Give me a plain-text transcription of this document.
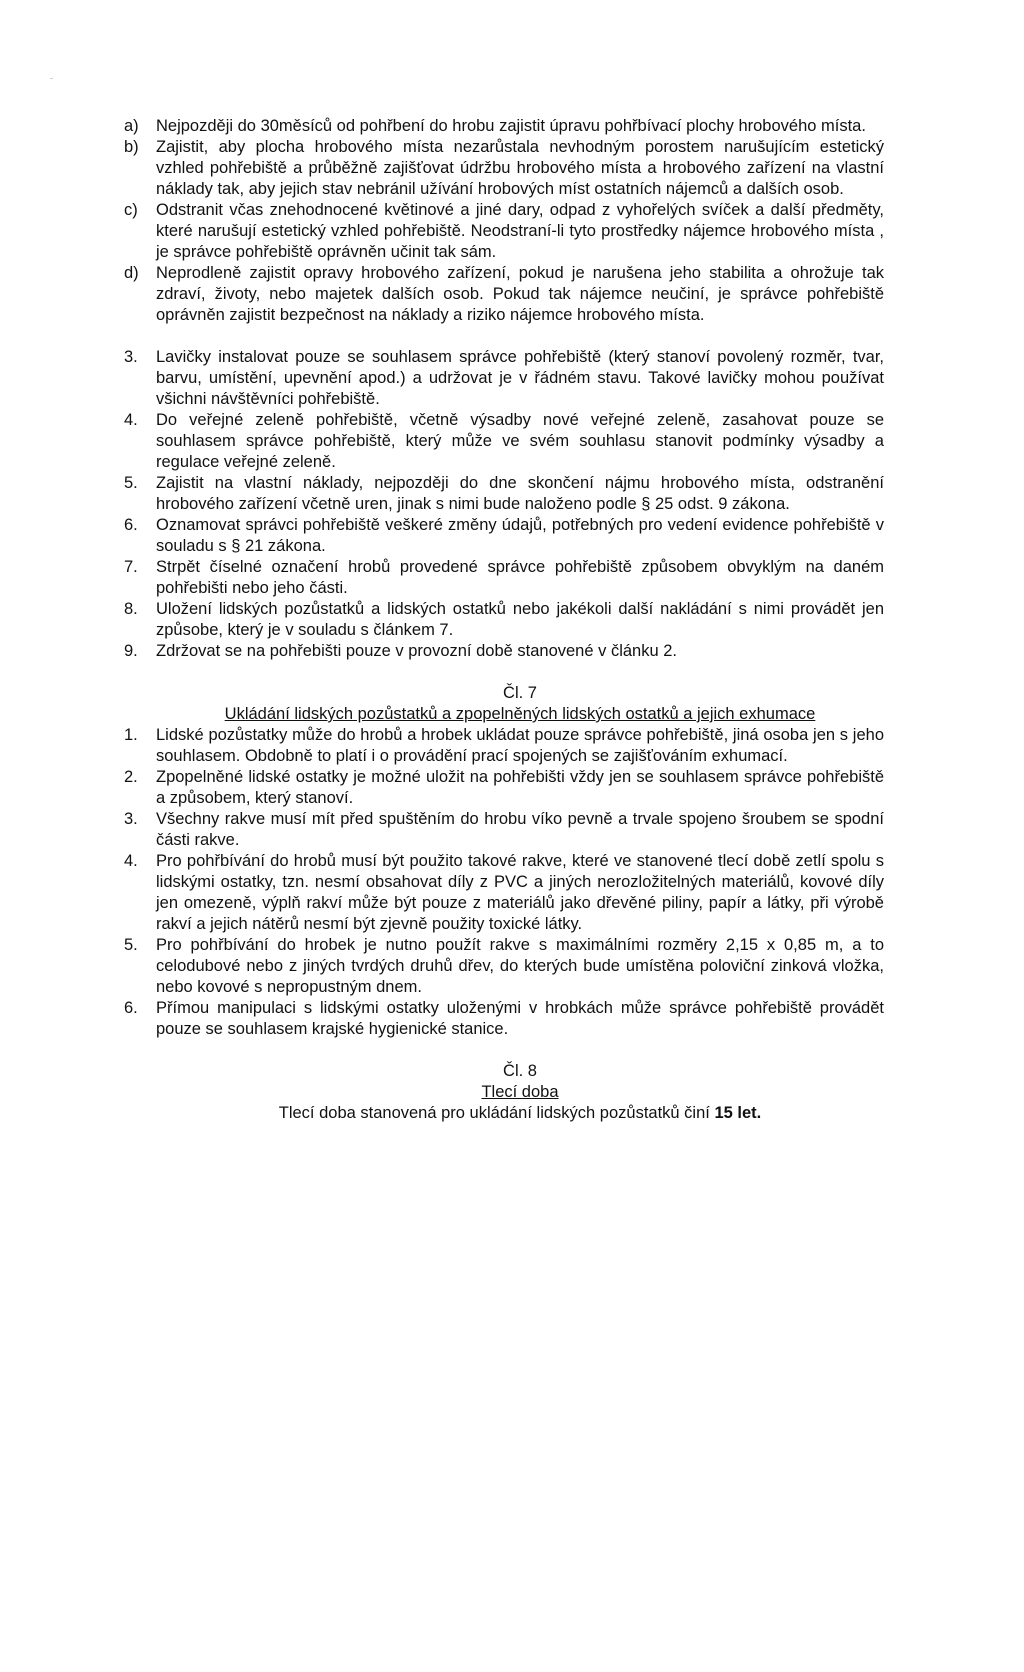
a) Nejpozději do 30měsíců od pohřbení do hrobu zajistit úpravu pohřbívací plochy hrobového místa.

b) Zajistit, aby plocha hrobového místa nezarůstala nevhodným porostem narušujícím estetický vzhled pohřebiště a průběžně zajišťovat údržbu hrobového místa a hrobového zařízení na vlastní náklady tak, aby jejich stav nebránil užívání hrobových míst ostatních nájemců a dalších osob.

c) Odstranit včas znehodnocené květinové a jiné dary, odpad z vyhořelých svíček a další předměty, které narušují estetický vzhled pohřebiště. Neodstraní-li tyto prostředky nájemce hrobového místa , je správce pohřebiště oprávněn učinit tak sám.

d) Neprodleně zajistit opravy hrobového zařízení, pokud je narušena jeho stabilita a ohrožuje tak zdraví, životy, nebo majetek dalších osob. Pokud tak nájemce neučiní, je správce pohřebiště oprávněn zajistit bezpečnost na náklady a riziko nájemce hrobového místa.

3. Lavičky instalovat pouze se souhlasem správce pohřebiště (který stanoví povolený rozměr, tvar, barvu, umístění, upevnění apod.) a udržovat je v řádném stavu. Takové lavičky mohou používat všichni návštěvníci pohřebiště.

4. Do veřejné zeleně pohřebiště, včetně výsadby nové veřejné zeleně, zasahovat pouze se souhlasem správce pohřebiště, který může ve svém souhlasu stanovit podmínky výsadby a regulace veřejné zeleně.

5. Zajistit na vlastní náklady, nejpozději do dne skončení nájmu hrobového místa, odstranění hrobového zařízení včetně uren, jinak s nimi bude naloženo podle § 25 odst. 9 zákona.

6. Oznamovat správci pohřebiště veškeré změny údajů, potřebných pro vedení evidence pohřebiště v souladu s § 21 zákona.

7. Strpět číselné označení hrobů provedené správce pohřebiště způsobem obvyklým na daném pohřebišti nebo jeho části.

8. Uložení lidských pozůstatků a lidských ostatků nebo jakékoli další nakládání s nimi provádět jen způsobe, který je v souladu s článkem 7.

9. Zdržovat se na pohřebišti pouze v provozní době stanovené v článku 2.

Čl. 7

Ukládání lidských pozůstatků a zpopelněných lidských ostatků a jejich exhumace

1. Lidské pozůstatky může do hrobů a hrobek ukládat pouze správce pohřebiště, jiná osoba jen s jeho souhlasem. Obdobně to platí i o provádění prací spojených se zajišťováním exhumací.

2. Zpopelněné lidské ostatky je možné uložit na pohřebišti vždy jen se souhlasem správce pohřebiště a způsobem, který stanoví.

3. Všechny rakve musí mít před spuštěním do hrobu víko pevně a trvale spojeno šroubem se spodní části rakve.

4. Pro pohřbívání do hrobů musí být použito takové rakve, které ve stanovené tlecí době zetlí spolu s lidskými ostatky, tzn. nesmí obsahovat díly z PVC a jiných nerozložitelných materiálů, kovové díly jen omezeně, výplň rakví může být pouze z materiálů jako dřevěné piliny, papír a látky, při výrobě rakví a jejich nátěrů nesmí být zjevně použity toxické látky.

5. Pro pohřbívání do hrobek je nutno použít rakve s maximálními rozměry 2,15 x 0,85 m, a to celodubové nebo z jiných tvrdých druhů dřev, do kterých bude umístěna poloviční zinková vložka, nebo kovové s nepropustným dnem.

6. Přímou manipulaci s lidskými ostatky uloženými v hrobkách může správce pohřebiště provádět pouze se souhlasem krajské hygienické stanice.

Čl. 8

Tlecí doba

Tlecí doba stanovená pro ukládání lidských pozůstatků činí 15 let.
